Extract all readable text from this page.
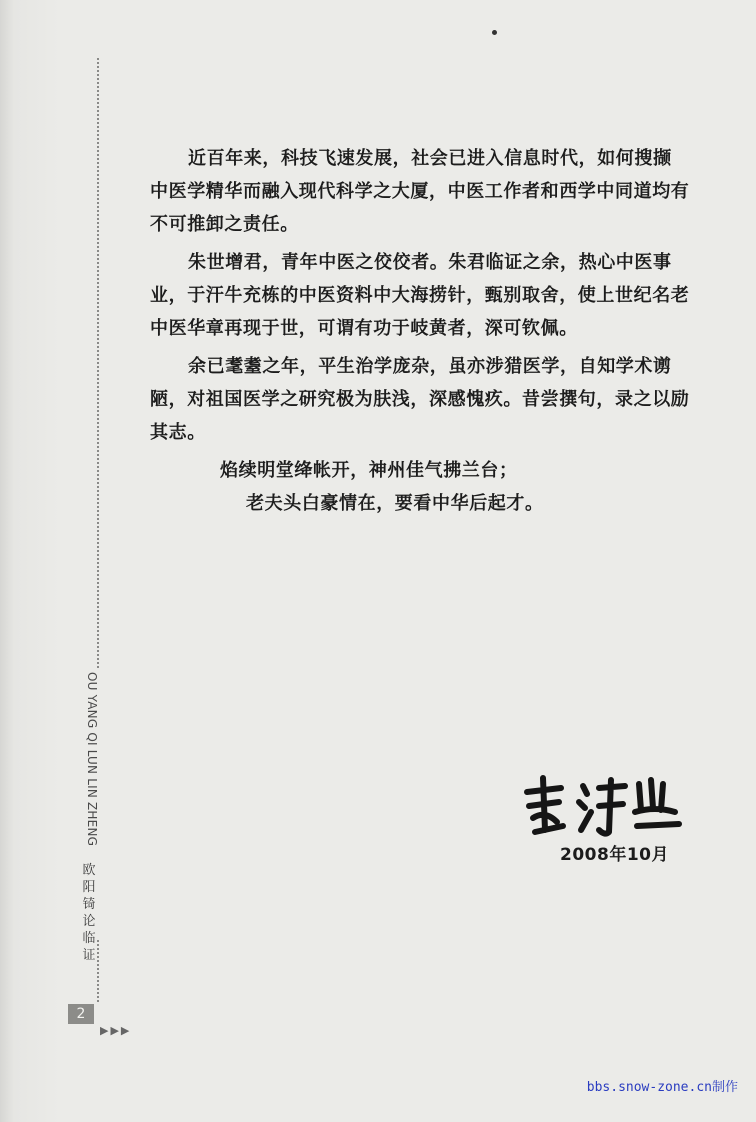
近百年来，科技飞速发展，社会已进入信息时代，如何搜撷中医学精华而融入现代科学之大厦，中医工作者和西学中同道均有不可推卸之责任。

朱世增君，青年中医之佼佼者。朱君临证之余，热心中医事业，于汗牛充栋的中医资料中大海捞针，甄别取舍，使上世纪名老中医华章再现于世，可谓有功于岐黄者，深可钦佩。

余已耄耋之年，平生治学庞杂，虽亦涉猎医学，自知学术谫陋，对祖国医学之研究极为肤浅，深感愧疚。昔尝撰句，录之以励其志。

焰续明堂绛帐开，神州佳气拂兰台；

老夫头白豪情在，要看中华后起才。

2008年10月
OU YANG QI LUN LIN ZHENG
欧
阳
锜
论
临
证
2
▶▶▶
bbs.snow-zone.cn制作
